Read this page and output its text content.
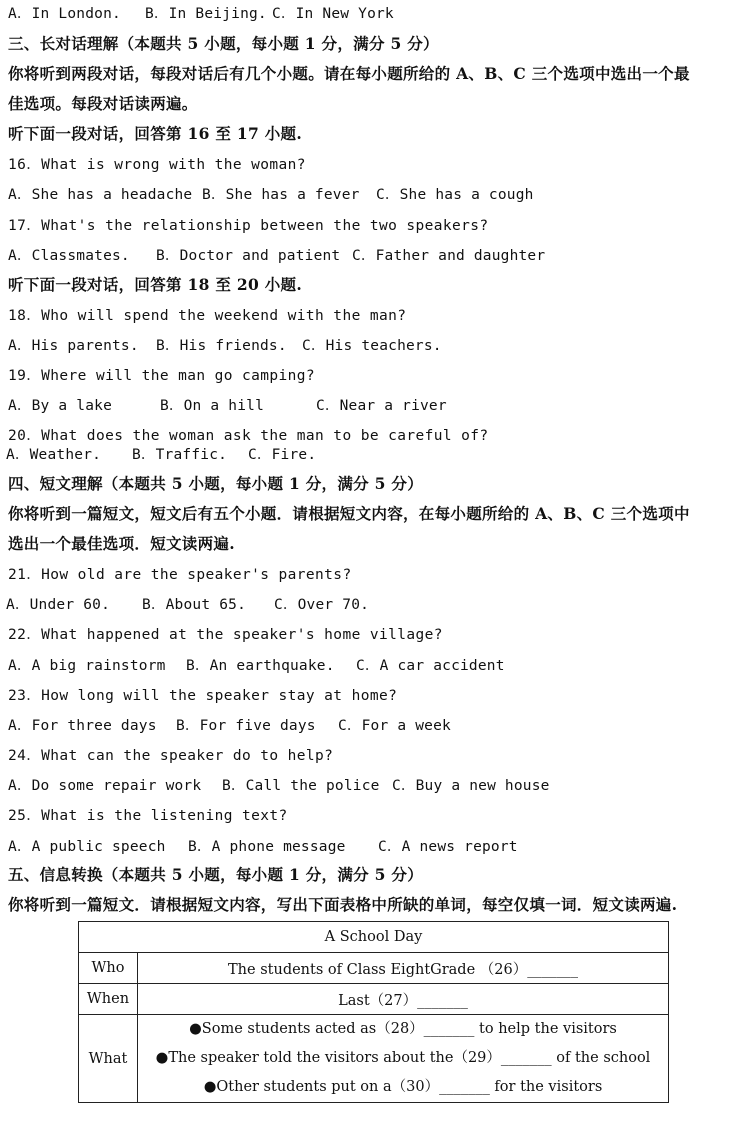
A．In London. B．In Beijing. C．In New York
三、长对话理解（本题共 5 小题，每小题 1 分，满分 5 分）
你将听到两段对话，每段对话后有几个小题。请在每小题所给的 A、B、C 三个选项中选出一个最
佳选项。每段对话读两遍。
听下面一段对话，回答第 16 至 17 小题.
16．What is wrong with the woman?
A．She has a headache B．She has a fever C．She has a cough
17．What's the relationship between the two speakers?
A．Classmates. B．Doctor and patient C．Father and daughter
听下面一段对话，回答第 18 至 20 小题.
18．Who will spend the weekend with the man?
A．His parents. B．His friends. C．His teachers.
19．Where will the man go camping?
A．By a lake	B．On a hill	C．Near a river
20．What does the woman ask the man to be careful of?
A．Weather. B．Traffic. C．Fire.
四、短文理解（本题共 5 小题，每小题 1 分，满分 5 分）
你将听到一篇短文，短文后有五个小题．请根据短文内容，在每小题所给的 A、B、C 三个选项中
选出一个最佳选项．短文读两遍.
21．How old are the speaker's parents?
A．Under 60. B．About 65. C．Over 70.
22．What happened at the speaker's home village?
A．A big rainstorm B．An earthquake. C．A car accident
23．How long will the speaker stay at home?
A．For three days B．For five days C．For a week
24．What can the speaker do to help?
A．Do some repair work B．Call the police C．Buy a new house
25．What is the listening text?
A．A public speech B．A phone message C．A news report
五、信息转换（本题共 5 小题，每小题 1 分，满分 5 分）
你将听到一篇短文．请根据短文内容，写出下面表格中所缺的单词，每空仅填一词．短文读两遍.
A School Day	
Who	The students of Class EightGrade （26）_______
When	Last（27）_______
What	●Some students acted as（28）_______ to help the visitors
●The speaker told the visitors about the（29）_______ of the school
●Other students put on a（30）_______ for the visitors
